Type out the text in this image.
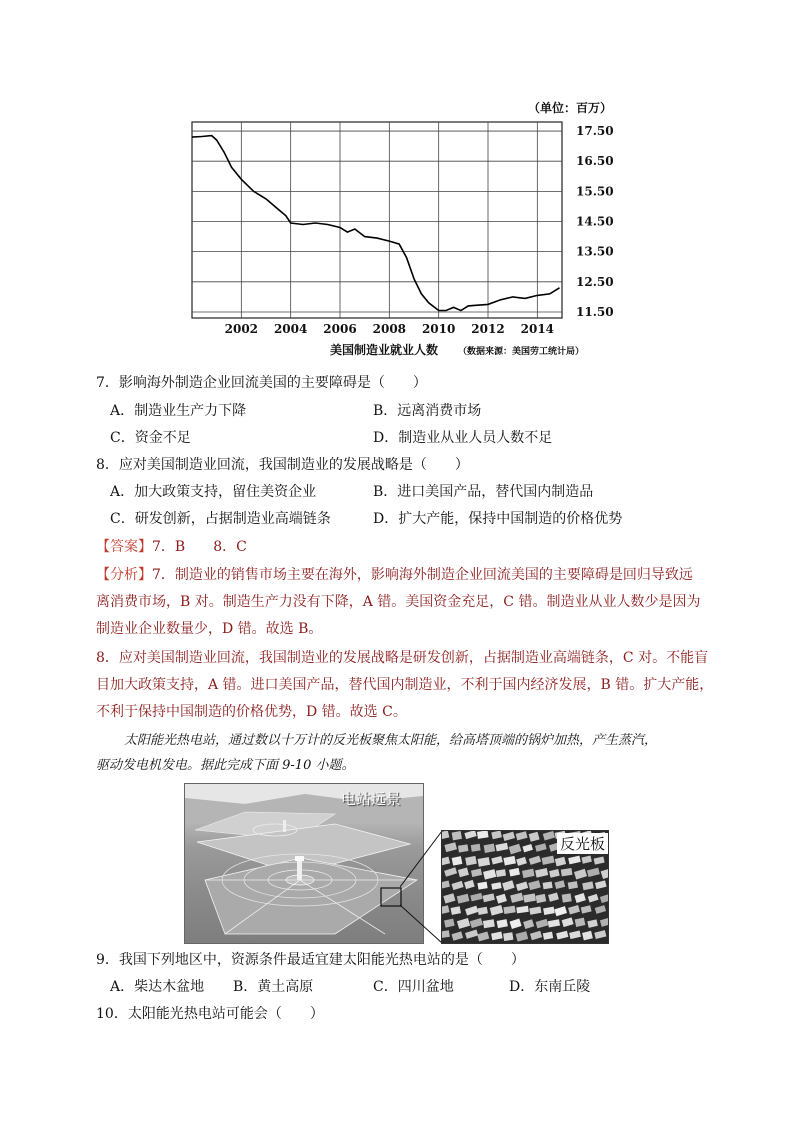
2002 2004 2006 2008 2010 2012 2014
17.50
16.50
15.50
14.50
13.50
12.50
11.50
（单位：百万）
美国制造业就业人数 （数据来源：美国劳工统计局）
7．影响海外制造企业回流美国的主要障碍是（　　）
A．制造业生产力下降	B．远离消费市场
C．资金不足	D．制造业从业人员人数不足
8．应对美国制造业回流，我国制造业的发展战略是（　　）
A．加大政策支持，留住美资企业	B．进口美国产品，替代国内制造品
C．研发创新，占据制造业高端链条	D．扩大产能，保持中国制造的价格优势
【答案】7．B　　8．C
【分析】7．制造业的销售市场主要在海外，影响海外制造企业回流美国的主要障碍是回归导致远
离消费市场，B 对。制造生产力没有下降，A 错。美国资金充足，C 错。制造业从业人数少是因为
制造业企业数量少，D 错。故选 B。
8．应对美国制造业回流，我国制造业的发展战略是研发创新，占据制造业高端链条，C 对。不能盲
目加大政策支持，A 错。进口美国产品，替代国内制造业，不利于国内经济发展，B 错。扩大产能，
不利于保持中国制造的价格优势，D 错。故选 C。
太阳能光热电站，通过数以十万计的反光板聚焦太阳能，给高塔顶端的锅炉加热，产生蒸汽，
驱动发电机发电。据此完成下面 9-10 小题。
电站远景
反光板
9．我国下列地区中，资源条件最适宜建太阳能光热电站的是（　　）
A．柴达木盆地 B．黄土高原	C．四川盆地	D．东南丘陵
10．太阳能光热电站可能会（　　）
